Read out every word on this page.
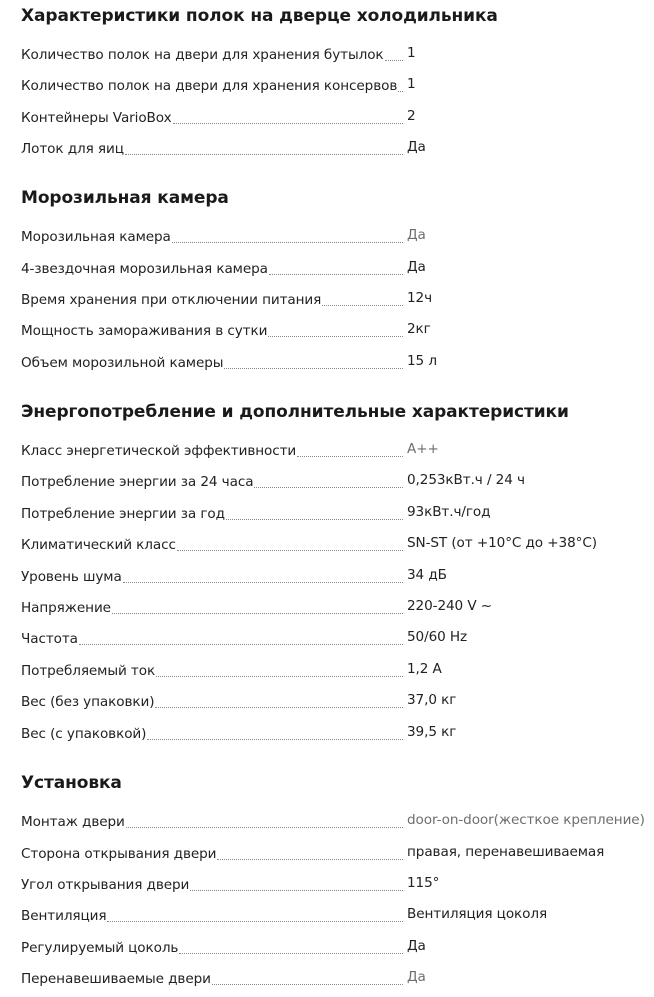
Характеристики полок на дверце холодильника
Количество полок на двери для хранения бутылок 1
Количество полок на двери для хранения консервов 1
Контейнеры VarioBox	2
Лоток для яиц	Да
Морозильная камера
Морозильная камера	Да
4-звездочная морозильная камера	Да
Время хранения при отключении питания	12ч
Мощность замораживания в сутки	2кг
Объем морозильной камеры	15 л
Энергопотребление и дополнительные характеристики
Класс энергетической эффективности	A++
Потребление энергии за 24 часа	0,253кВт.ч / 24 ч
Потребление энергии за год	93кВт.ч/год
Климатический класс	SN-ST (от +10°С до +38°С)
Уровень шума	34 дБ
Напряжение	220-240 V ~
Частота	50/60 Hz
Потребляемый ток	1,2 A
Вес (без упаковки)	37,0 кг
Вес (с упаковкой)	39,5 кг
Установка
Монтаж двери	door-on-door(жесткое крепление)
Сторона открывания двери	правая, перенавешиваемая
Угол открывания двери	115°
Вентиляция	Вентиляция цоколя
Регулируемый цоколь	Да
Перенавешиваемые двери	Да
